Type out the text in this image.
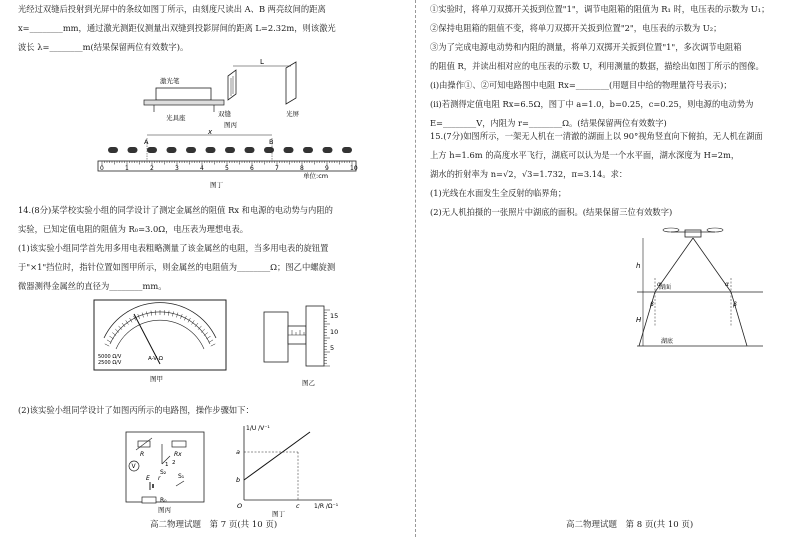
光经过双缝后投射到光屏中的条纹如图丁所示，由刻度尺读出 A、B 两亮纹间的距离
x=________mm，通过激光测距仪测量出双缝到投影屏间的距离 L=2.32m，则该激光
波长 λ=________m(结果保留两位有效数字)。
L
激光笔
光具座	双缝	光屏
图丙
x
A	B
0	1	2	3	4	5	6	7	8	9	10
单位:cm
图丁
14.(8分)某学校实验小组的同学设计了测定金属丝的阻值 Rx 和电源的电动势与内阻的
实验，已知定值电阻的阻值为 R₀=3.0Ω，电压表为理想电表。
(1)该实验小组同学首先用多用电表粗略测量了该金属丝的电阻，当多用电表的旋钮置
于"×1"挡位时，指针位置如图甲所示，则金属丝的电阻值为________Ω；图乙中螺旋测
微器测得金属丝的直径为________mm。
5000 Ω/V
2500 Ω/V
A-V-Ω
图甲
15
10
5
图乙
(2)该实验小组同学设计了如图丙所示的电路图，操作步骤如下：
V
R	Rx
S₂
1 2
E r	S₁
R₀
图丙
1/U /V⁻¹
1/R /Ω⁻¹
a
b
c
O
图丁
①实验时，将单刀双掷开关扳到位置"1"，调节电阻箱的阻值为 R₁ 时，电压表的示数为 U₁；
②保持电阻箱的阻值不变，将单刀双掷开关扳到位置"2"，电压表的示数为 U₂；
③为了完成电源电动势和内阻的测量，将单刀双掷开关扳到位置"1"，多次调节电阻箱
的阻值 R，并读出相对应的电压表的示数 U，利用测量的数据，描绘出如图丁所示的图像。
(ⅰ)由操作①、②可知电路图中电阻 Rx=________(用题目中给的物理量符号表示)；
(ⅱ)若测得定值电阻 Rx=6.5Ω，图丁中 a=1.0，b=0.25，c=0.25，则电源的电动势为
E=________V，内阻为 r=________Ω。(结果保留两位有效数字)
15.(7分)如图所示，一架无人机在一清澈的湖面上以 90°视角竖直向下俯拍，无人机在湖面
上方 h=1.6m 的高度水平飞行，湖底可以认为是一个水平面，湖水深度为 H=2m，
湖水的折射率为 n=√2，√3=1.732，π=3.14。求：
(1)光线在水面发生全反射的临界角；
(2)无人机拍摄的一张照片中湖底的面积。(结果保留三位有效数字)
h
H
湖面
湖底
α	α
β	β
高二物理试题　第 7 页(共 10 页)	高二物理试题　第 8 页(共 10 页)
